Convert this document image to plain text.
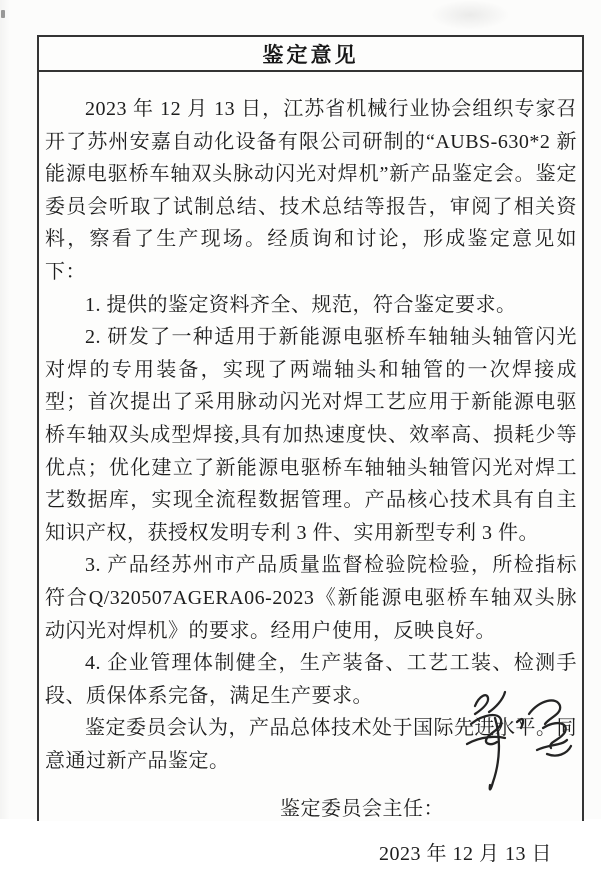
鉴定意见

2023 年 12 月 13 日，江苏省机械行业协会组织专家召开了苏州安嘉自动化设备有限公司研制的“AUBS-630*2 新能源电驱桥车轴双头脉动闪光对焊机”新产品鉴定会。鉴定委员会听取了试制总结、技术总结等报告，审阅了相关资料，察看了生产现场。经质询和讨论，形成鉴定意见如下：

1. 提供的鉴定资料齐全、规范，符合鉴定要求。

2. 研发了一种适用于新能源电驱桥车轴轴头轴管闪光对焊的专用装备，实现了两端轴头和轴管的一次焊接成型；首次提出了采用脉动闪光对焊工艺应用于新能源电驱桥车轴双头成型焊接,具有加热速度快、效率高、损耗少等优点；优化建立了新能源电驱桥车轴轴头轴管闪光对焊工艺数据库，实现全流程数据管理。产品核心技术具有自主知识产权，获授权发明专利 3 件、实用新型专利 3 件。

3. 产品经苏州市产品质量监督检验院检验，所检指标符合Q/320507AGERA06-2023《新能源电驱桥车轴双头脉动闪光对焊机》的要求。经用户使用，反映良好。

4. 企业管理体制健全，生产装备、工艺工装、检测手段、质保体系完备，满足生产要求。

鉴定委员会认为，产品总体技术处于国际先进水平。同意通过新产品鉴定。

鉴定委员会主任：
2023 年 12 月 13 日
